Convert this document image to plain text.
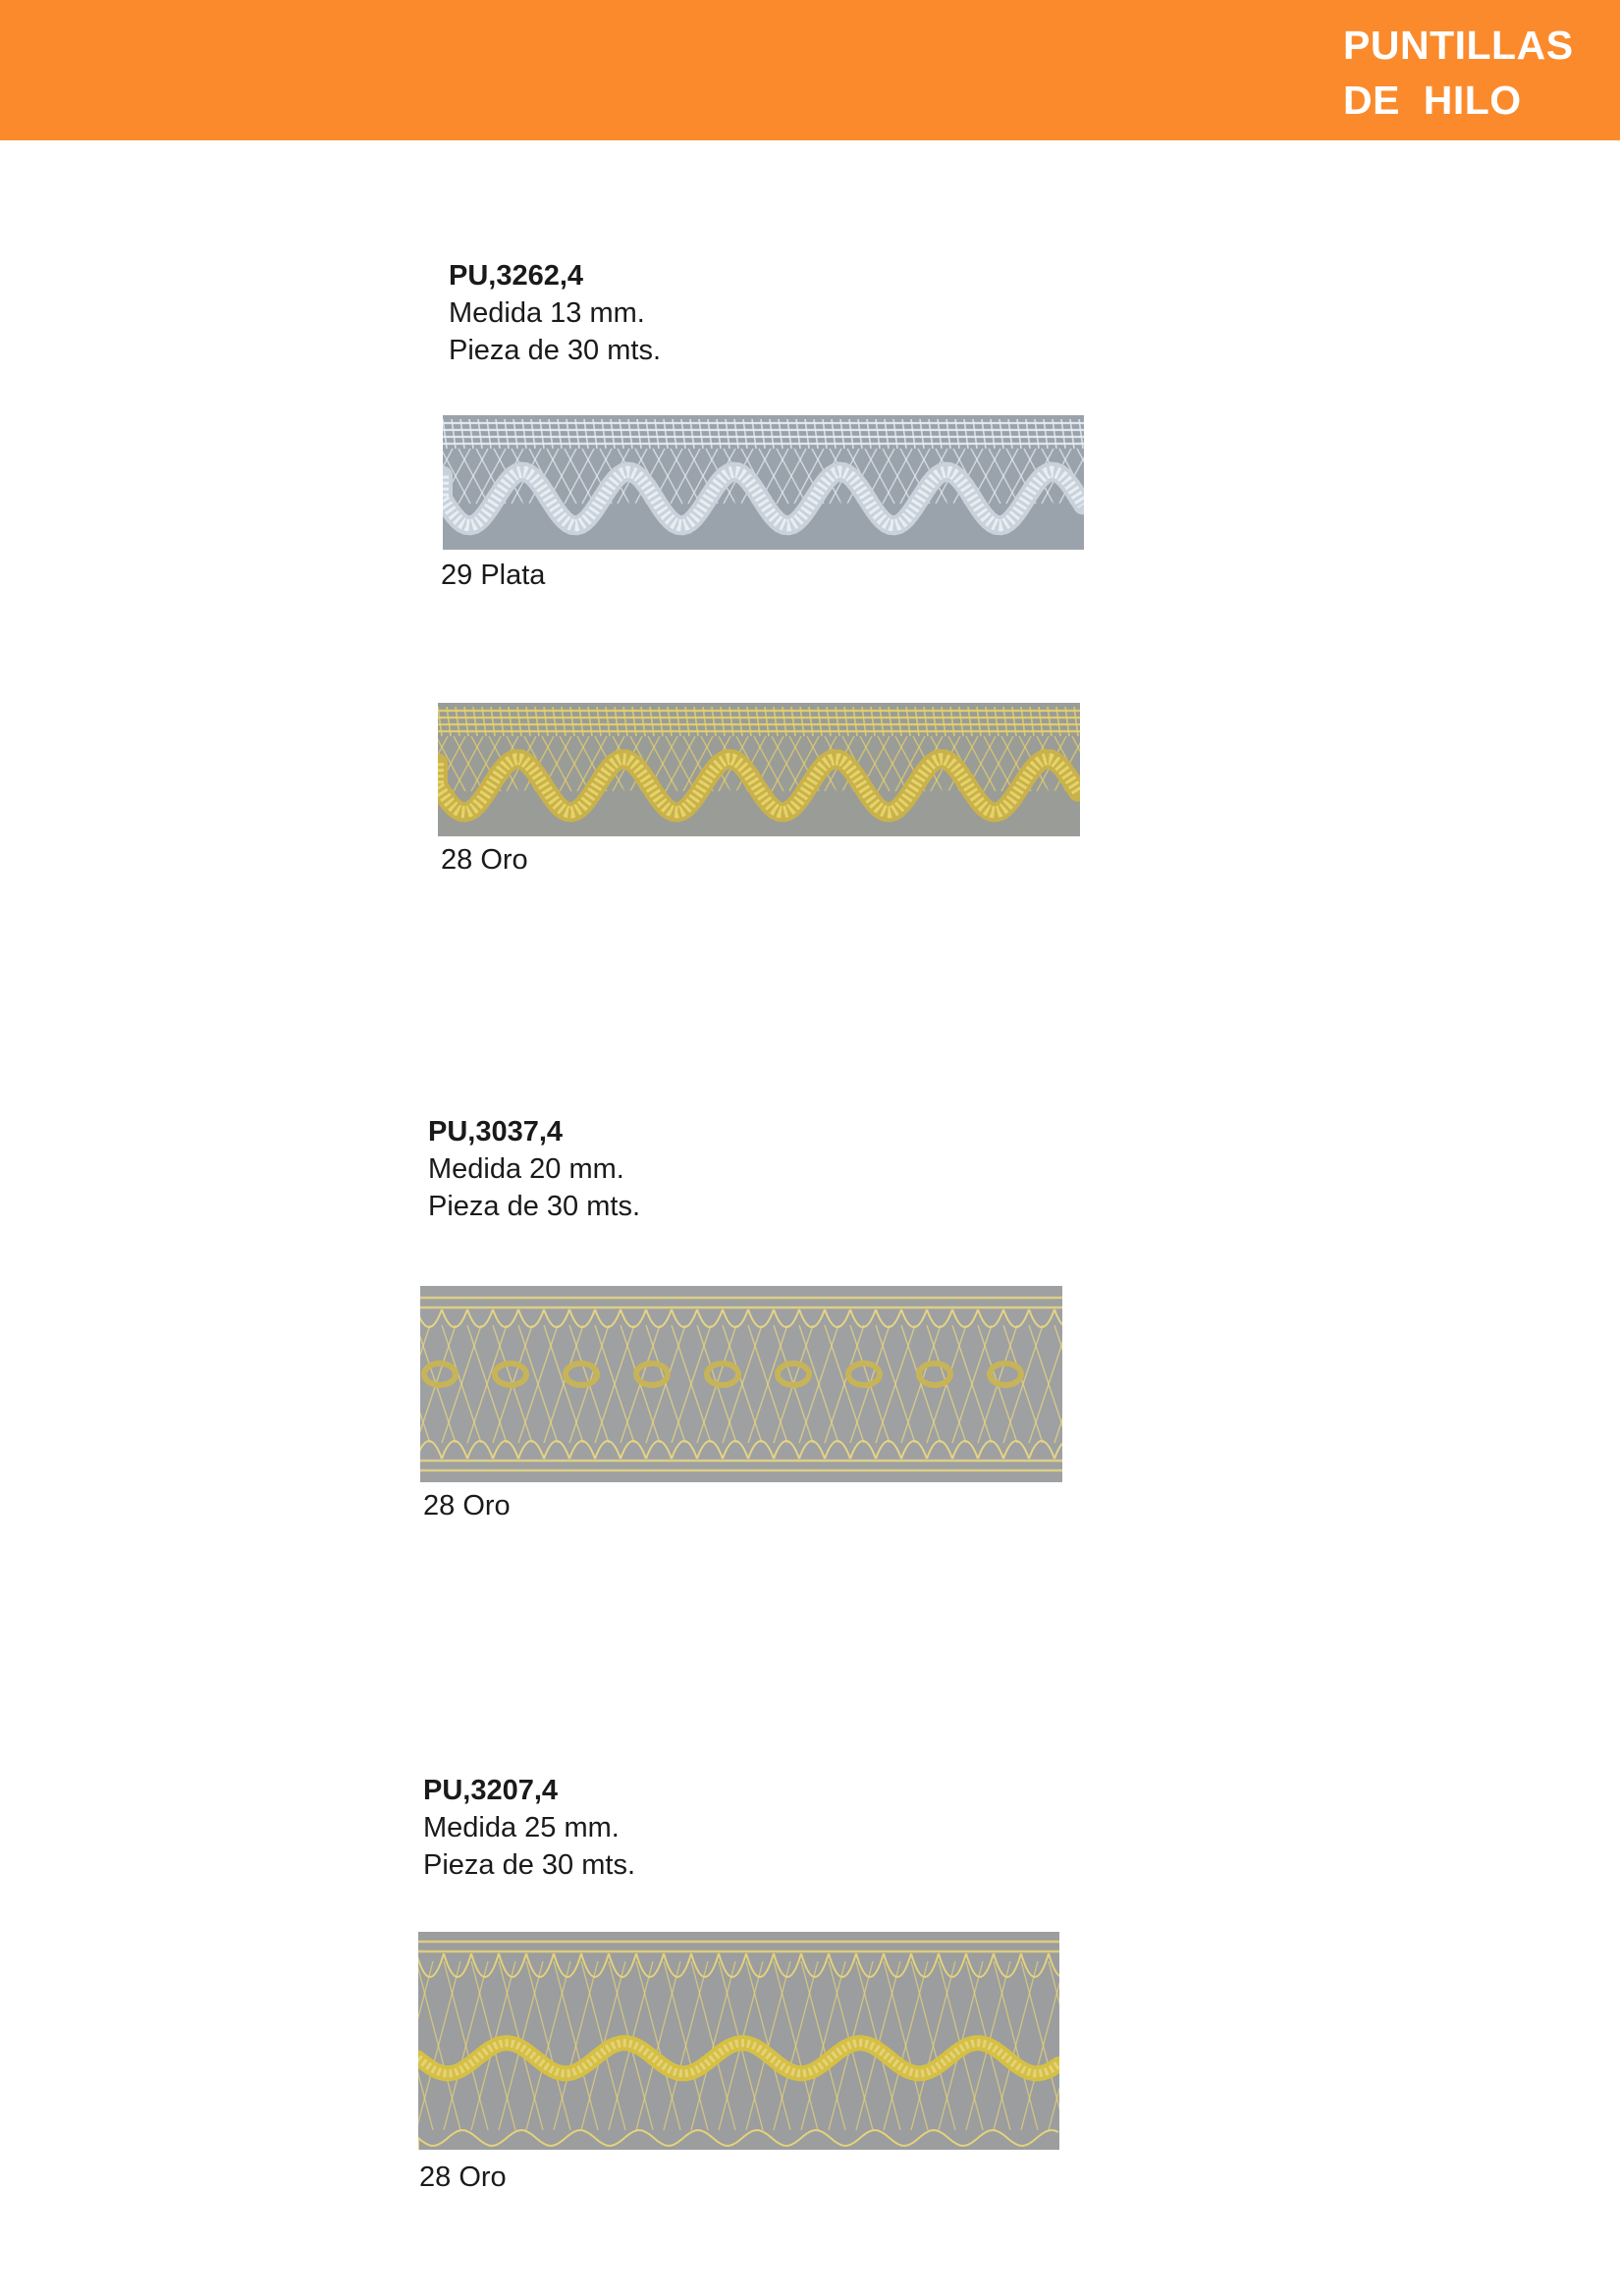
PUNTILLAS
DE  HILO
PU,3262,4
Medida 13 mm.
Pieza de 30 mts.
29 Plata
28 Oro
PU,3037,4
Medida 20 mm.
Pieza de 30 mts.
28 Oro
PU,3207,4
Medida 25 mm.
Pieza de 30 mts.
28 Oro
